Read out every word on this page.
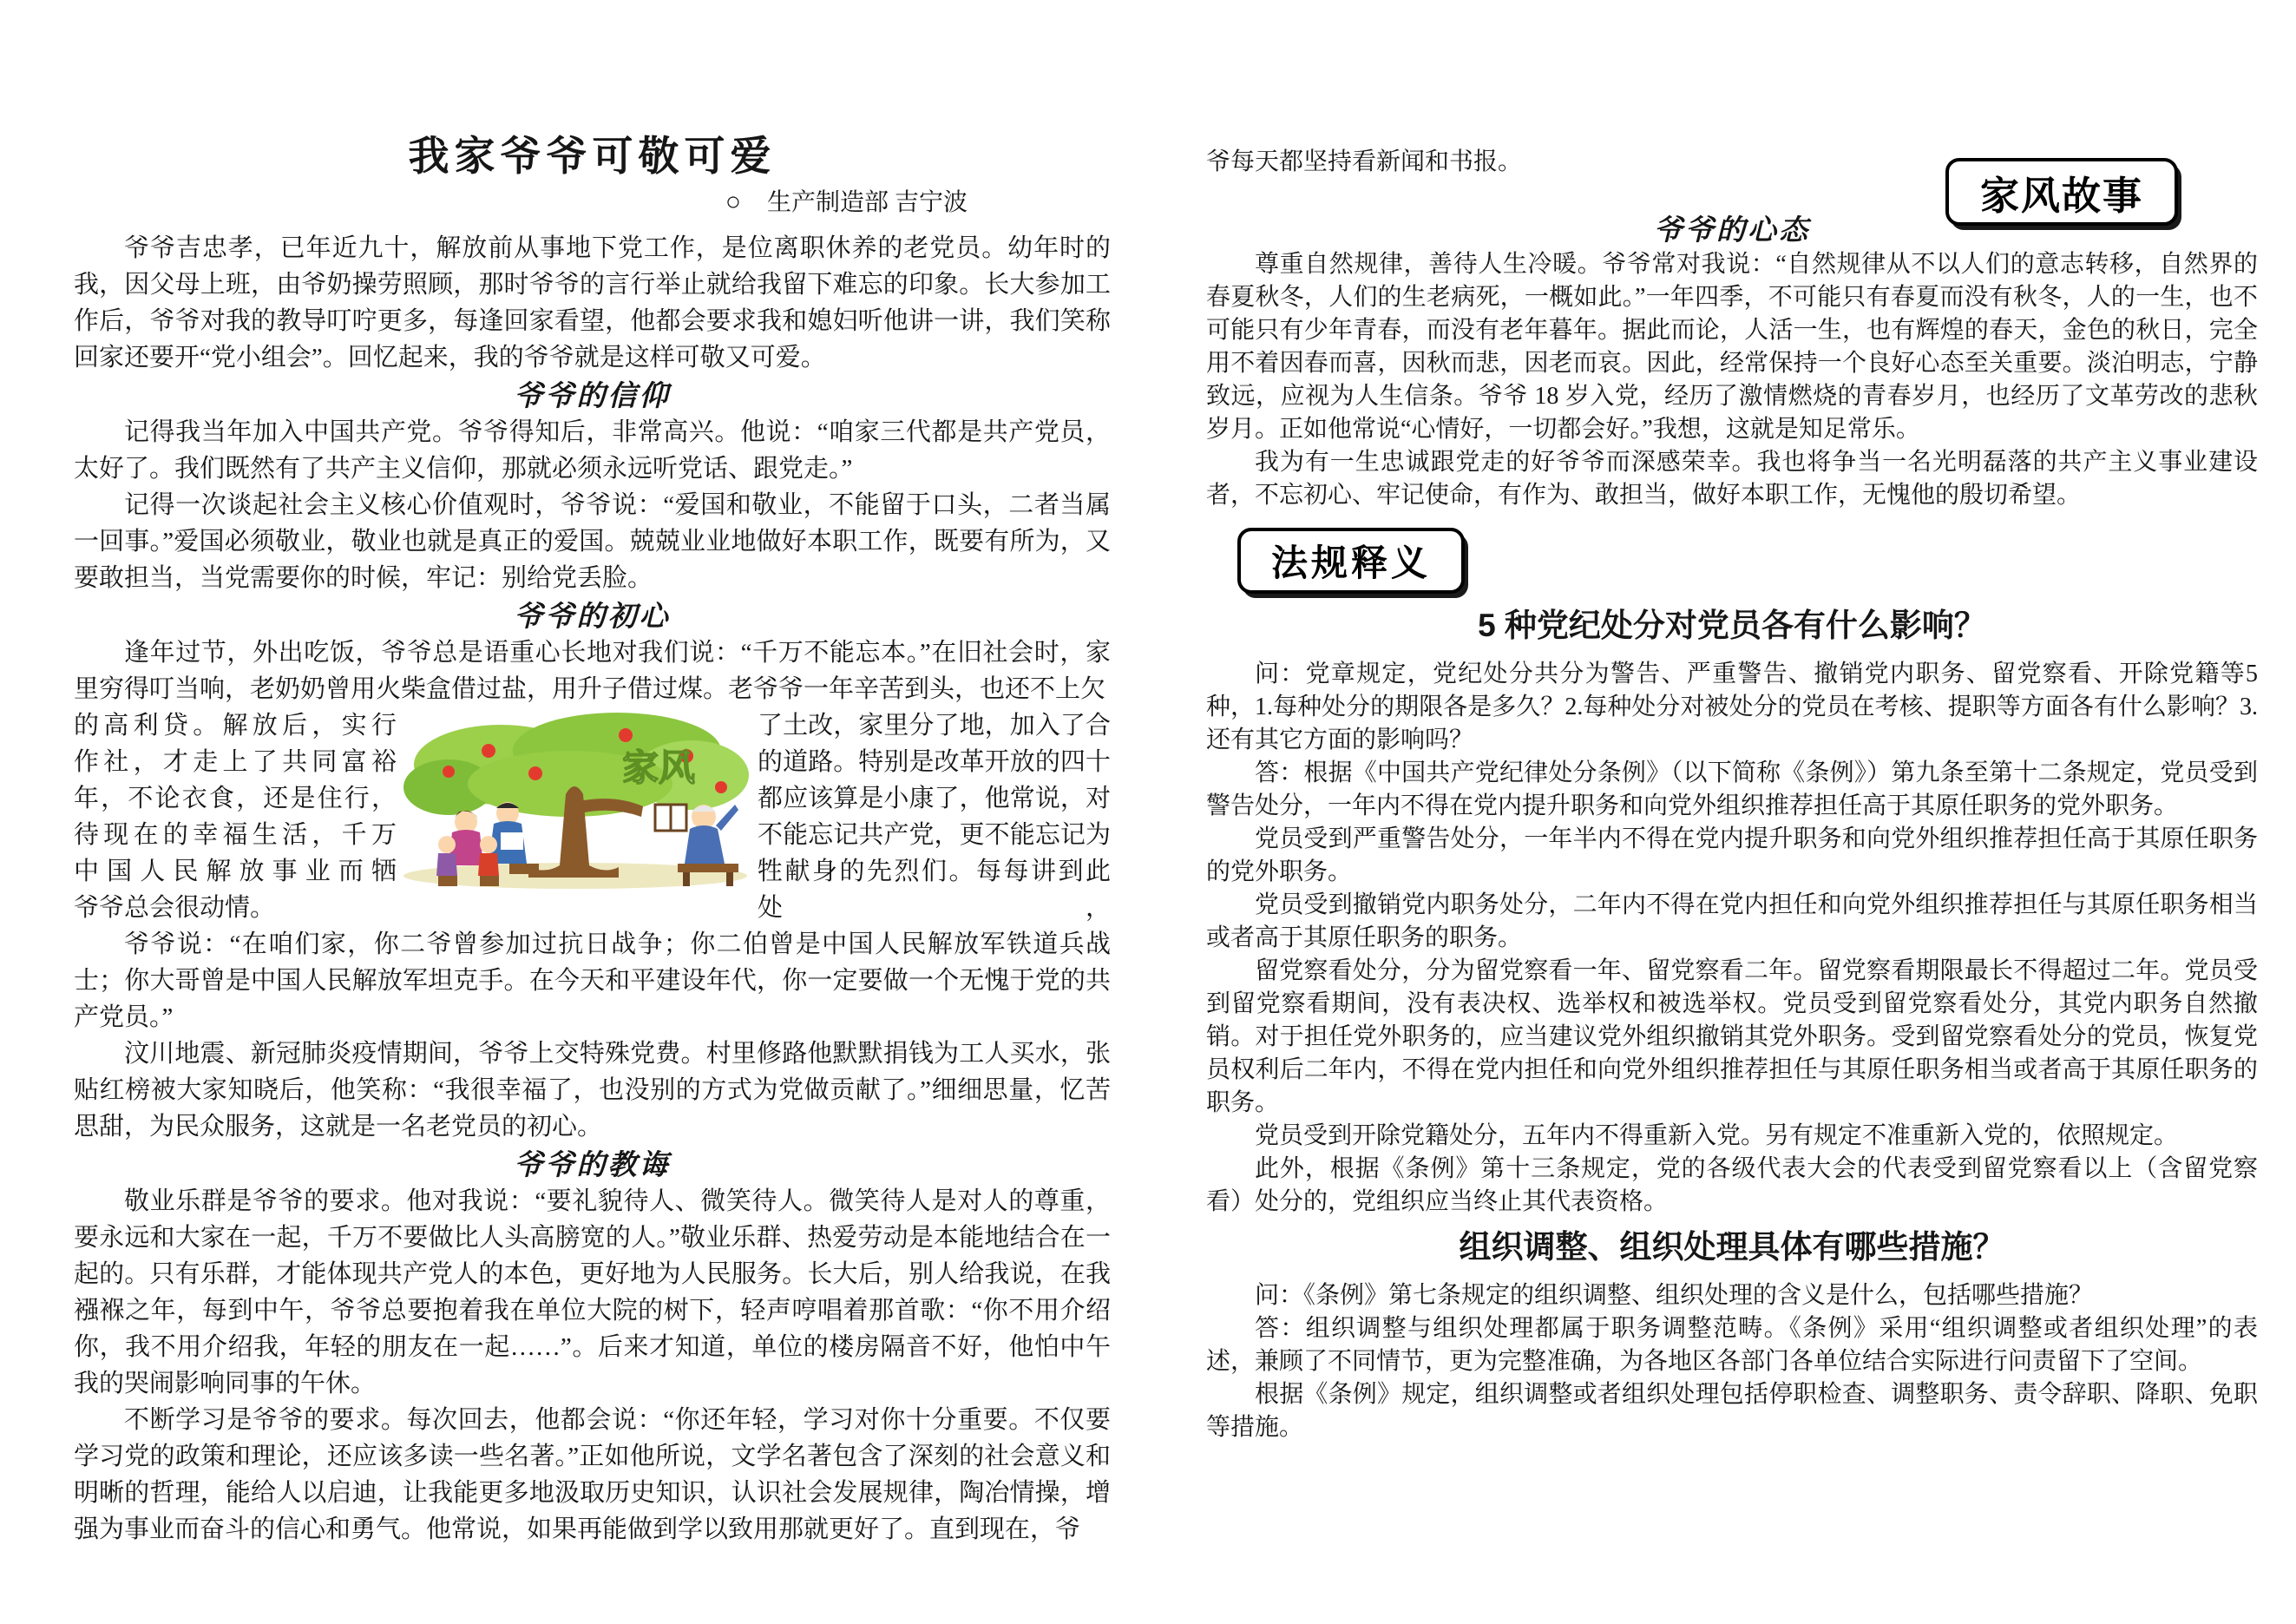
我家爷爷可敬可爱
○ 生产制造部 吉宁波

爷爷吉忠孝，已年近九十，解放前从事地下党工作，是位离职休养的老党员。幼年时的我，因父母上班，由爷奶操劳照顾，那时爷爷的言行举止就给我留下难忘的印象。长大参加工作后，爷爷对我的教导叮咛更多，每逢回家看望，他都会要求我和媳妇听他讲一讲，我们笑称回家还要开“党小组会”。回忆起来，我的爷爷就是这样可敬又可爱。

爷爷的信仰

记得我当年加入中国共产党。爷爷得知后，非常高兴。他说：“咱家三代都是共产党员，太好了。我们既然有了共产主义信仰，那就必须永远听党话、跟党走。”

记得一次谈起社会主义核心价值观时，爷爷说：“爱国和敬业，不能留于口头，二者当属一回事。”爱国必须敬业，敬业也就是真正的爱国。兢兢业业地做好本职工作，既要有所为，又要敢担当，当党需要你的时候，牢记：别给党丢脸。

爷爷的初心

逢年过节，外出吃饭，爷爷总是语重心长地对我们说：“千万不能忘本。”在旧社会时，家里穷得叮当响，老奶奶曾用火柴盒借过盐，用升子借过煤。老爷爷一年辛苦到头，也还不上欠

的高利贷。解放后，实行
作社，才走上了共同富裕
年，不论衣食，还是住行，
待现在的幸福生活，千万
中国人民解放事业而牺
爷爷总会很动情。
家风
了土改，家里分了地，加入了合
的道路。特别是改革开放的四十
都应该算是小康了，他常说，对
不能忘记共产党，更不能忘记为
牲献身的先烈们。每每讲到此处，

爷爷说：“在咱们家，你二爷曾参加过抗日战争；你二伯曾是中国人民解放军铁道兵战士；你大哥曾是中国人民解放军坦克手。在今天和平建设年代，你一定要做一个无愧于党的共产党员。”

汶川地震、新冠肺炎疫情期间，爷爷上交特殊党费。村里修路他默默捐钱为工人买水，张贴红榜被大家知晓后，他笑称：“我很幸福了，也没别的方式为党做贡献了。”细细思量，忆苦思甜，为民众服务，这就是一名老党员的初心。

爷爷的教诲

敬业乐群是爷爷的要求。他对我说：“要礼貌待人、微笑待人。微笑待人是对人的尊重，要永远和大家在一起，千万不要做比人头高膀宽的人。”敬业乐群、热爱劳动是本能地结合在一起的。只有乐群，才能体现共产党人的本色，更好地为人民服务。长大后，别人给我说，在我襁褓之年，每到中午，爷爷总要抱着我在单位大院的树下，轻声哼唱着那首歌：“你不用介绍你，我不用介绍我，年轻的朋友在一起……”。后来才知道，单位的楼房隔音不好，他怕中午我的哭闹影响同事的午休。

不断学习是爷爷的要求。每次回去，他都会说：“你还年轻，学习对你十分重要。不仅要学习党的政策和理论，还应该多读一些名著。”正如他所说，文学名著包含了深刻的社会意义和明晰的哲理，能给人以启迪，让我能更多地汲取历史知识，认识社会发展规律，陶冶情操，增强为事业而奋斗的信心和勇气。他常说，如果再能做到学以致用那就更好了。直到现在，爷

爷每天都坚持看新闻和书报。

家风故事
爷爷的心态

尊重自然规律，善待人生冷暖。爷爷常对我说：“自然规律从不以人们的意志转移，自然界的春夏秋冬，人们的生老病死，一概如此。”一年四季，不可能只有春夏而没有秋冬，人的一生，也不可能只有少年青春，而没有老年暮年。据此而论，人活一生，也有辉煌的春天，金色的秋日，完全用不着因春而喜，因秋而悲，因老而哀。因此，经常保持一个良好心态至关重要。淡泊明志，宁静致远，应视为人生信条。爷爷 18 岁入党，经历了激情燃烧的青春岁月，也经历了文革劳改的悲秋岁月。正如他常说“心情好，一切都会好。”我想，这就是知足常乐。

我为有一生忠诚跟党走的好爷爷而深感荣幸。我也将争当一名光明磊落的共产主义事业建设者，不忘初心、牢记使命，有作为、敢担当，做好本职工作，无愧他的殷切希望。

法规释义
5 种党纪处分对党员各有什么影响？

问：党章规定，党纪处分共分为警告、严重警告、撤销党内职务、留党察看、开除党籍等5 种，1.每种处分的期限各是多久？2.每种处分对被处分的党员在考核、提职等方面各有什么影响？3.还有其它方面的影响吗？

答：根据《中国共产党纪律处分条例》（以下简称《条例》）第九条至第十二条规定，党员受到警告处分，一年内不得在党内提升职务和向党外组织推荐担任高于其原任职务的党外职务。

党员受到严重警告处分，一年半内不得在党内提升职务和向党外组织推荐担任高于其原任职务的党外职务。

党员受到撤销党内职务处分，二年内不得在党内担任和向党外组织推荐担任与其原任职务相当或者高于其原任职务的职务。

留党察看处分，分为留党察看一年、留党察看二年。留党察看期限最长不得超过二年。党员受到留党察看期间，没有表决权、选举权和被选举权。党员受到留党察看处分，其党内职务自然撤销。对于担任党外职务的，应当建议党外组织撤销其党外职务。受到留党察看处分的党员，恢复党员权利后二年内，不得在党内担任和向党外组织推荐担任与其原任职务相当或者高于其原任职务的职务。

党员受到开除党籍处分，五年内不得重新入党。另有规定不准重新入党的，依照规定。

此外，根据《条例》第十三条规定，党的各级代表大会的代表受到留党察看以上（含留党察看）处分的，党组织应当终止其代表资格。

组织调整、组织处理具体有哪些措施？

问：《条例》第七条规定的组织调整、组织处理的含义是什么，包括哪些措施？

答：组织调整与组织处理都属于职务调整范畴。《条例》采用“组织调整或者组织处理”的表述，兼顾了不同情节，更为完整准确，为各地区各部门各单位结合实际进行问责留下了空间。

根据《条例》规定，组织调整或者组织处理包括停职检查、调整职务、责令辞职、降职、免职等措施。
